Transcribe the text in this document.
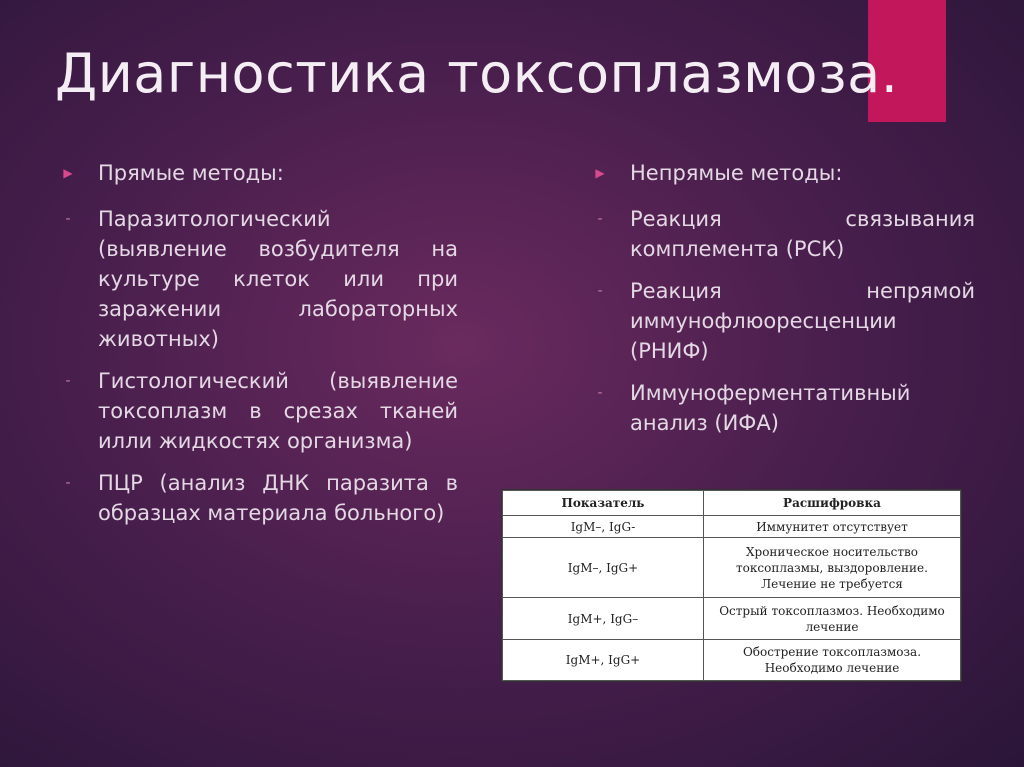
Диагностика токсоплазмоза.
▶ Прямые методы:
-	Паразитологический (выявление возбудителя на культуре клеток или при заражении лабораторных животных)
-	Гистологический (выявление токсоплазм в срезах тканей илли жидкостях организма)
-	ПЦР (анализ ДНК паразита в образцах материала больного)
▶ Непрямые методы:
-	Реакция связывания комплемента (РСК)
-	Реакция непрямой иммунофлюоресценции (РНИФ)
-	Иммуноферментативный анализ (ИФА)
Показатель	Расшифровка
IgM–, IgG-	Иммунитет отсутствует
IgM–, IgG+	Хроническое носительство токсоплазмы, выздоровление. Лечение не требуется
IgM+, IgG–	Острый токсоплазмоз. Необходимо лечение
IgM+, IgG+	Обострение токсоплазмоза. Необходимо лечение
